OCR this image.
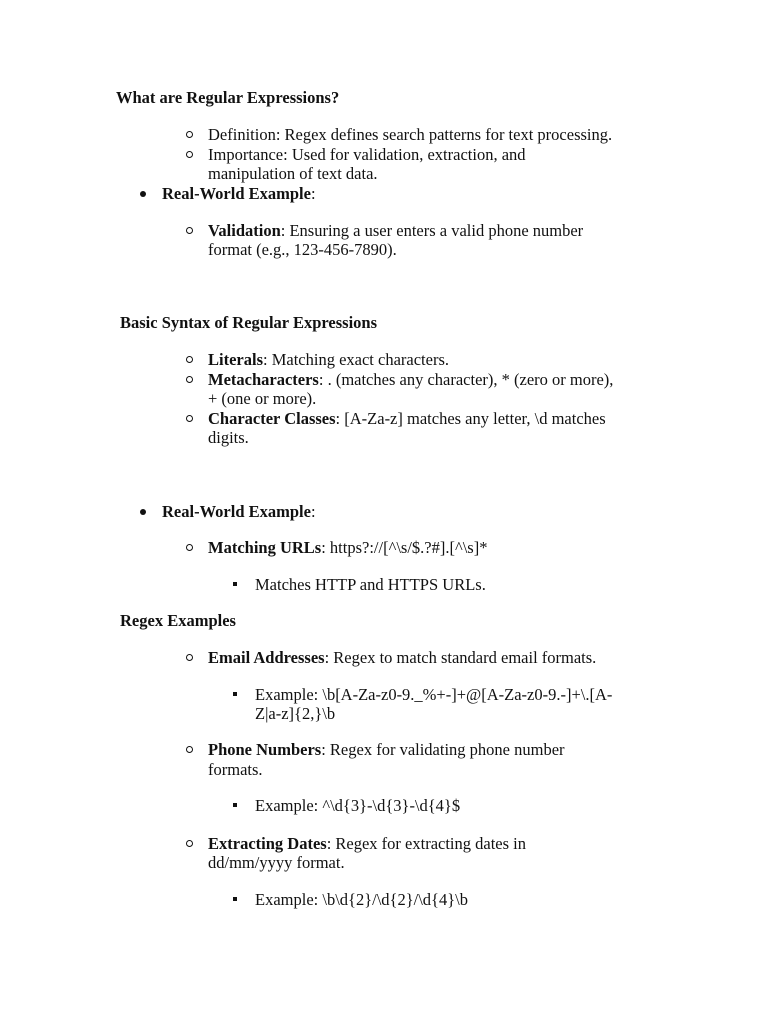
What are Regular Expressions?
Definition: Regex defines search patterns for text processing.
Importance: Used for validation, extraction, and
manipulation of text data.
Real-World Example:
Validation: Ensuring a user enters a valid phone number
format (e.g., 123-456-7890).
Basic Syntax of Regular Expressions
Literals: Matching exact characters.
Metacharacters: . (matches any character), * (zero or more),
+ (one or more).
Character Classes: [A-Za-z] matches any letter, \d matches
digits.
Real-World Example:
Matching URLs: https?://[^\s/$.?#].[^\s]*
Matches HTTP and HTTPS URLs.
Regex Examples
Email Addresses: Regex to match standard email formats.
Example: \b[A-Za-z0-9._%+-]+@[A-Za-z0-9.-]+\.[A-
Z|a-z]{2,}\b
Phone Numbers: Regex for validating phone number
formats.
Example: ^\d{3}-\d{3}-\d{4}$
Extracting Dates: Regex for extracting dates in
dd/mm/yyyy format.
Example: \b\d{2}/\d{2}/\d{4}\b
